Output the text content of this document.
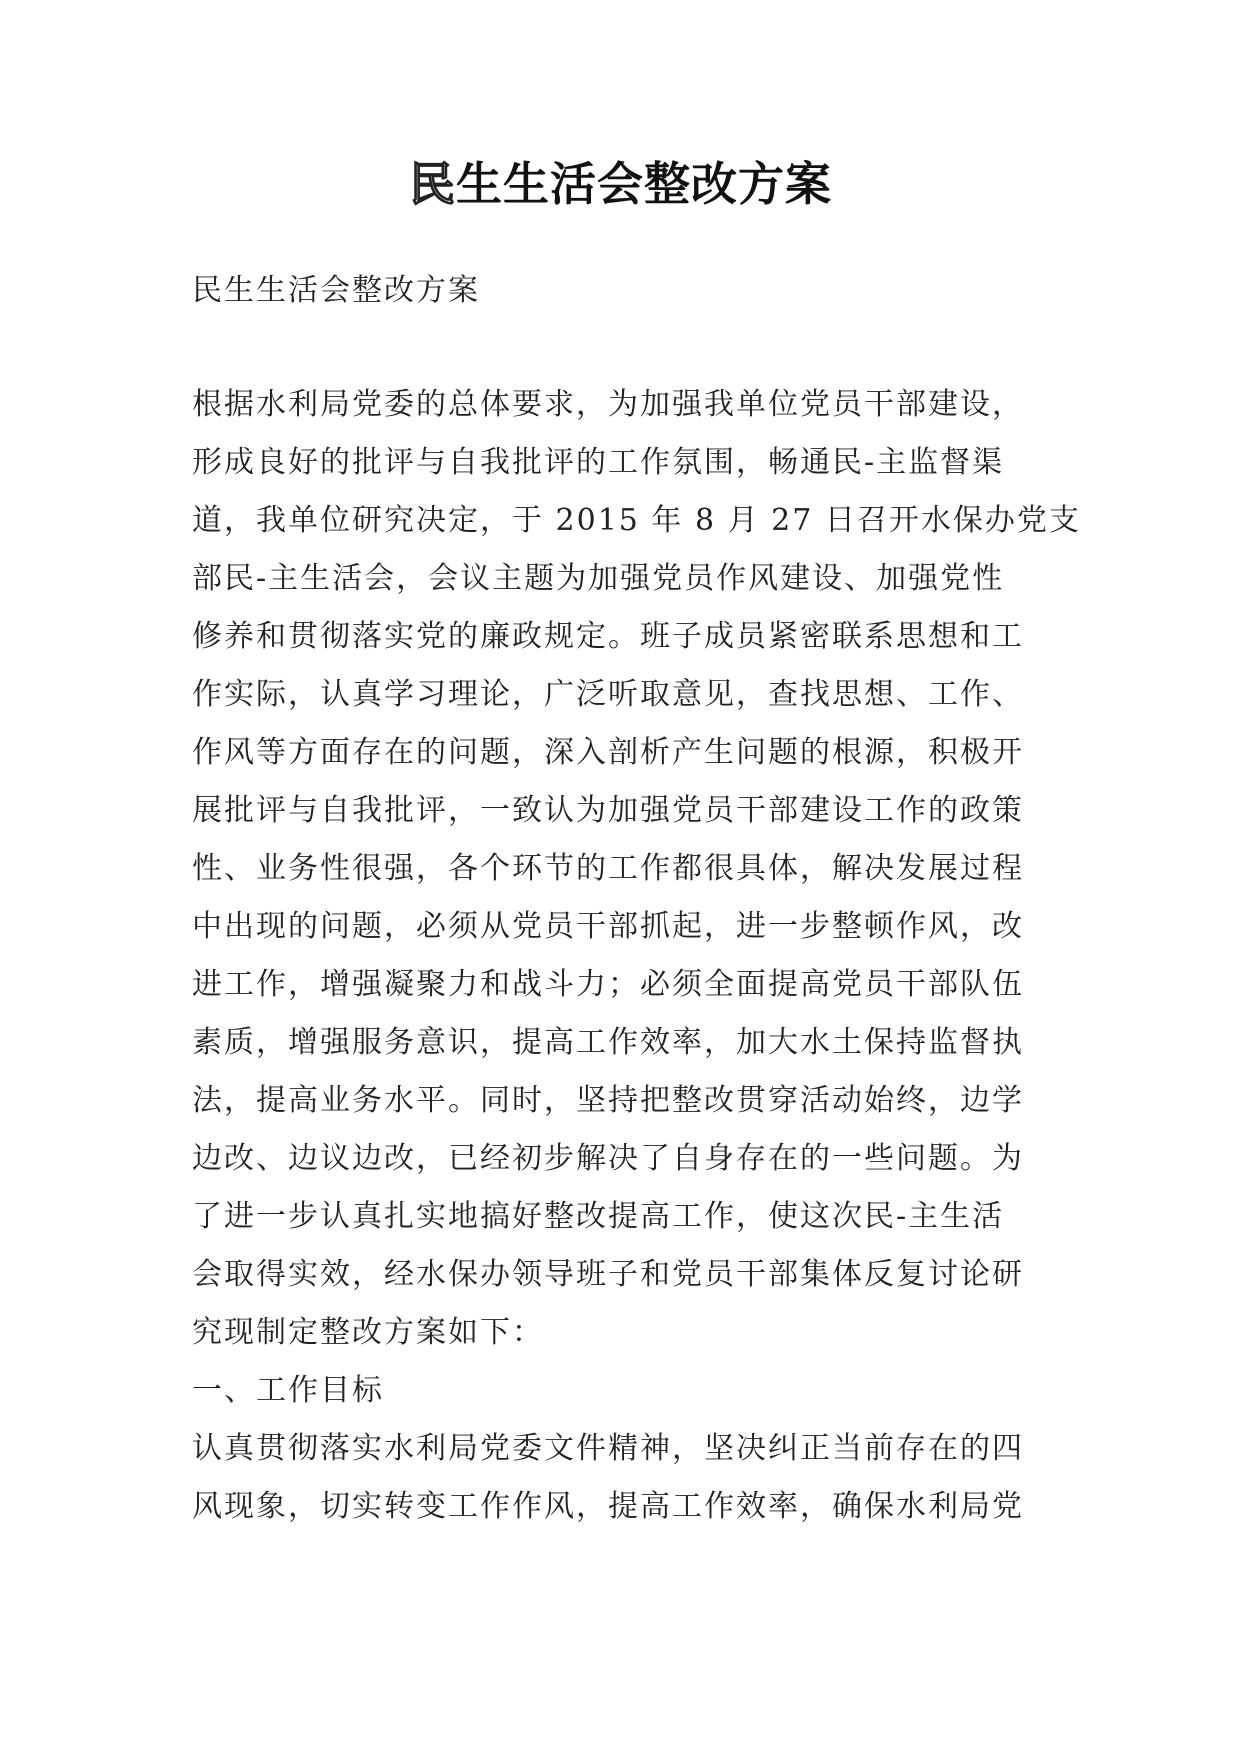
民生生活会整改方案
民生生活会整改方案
根据水利局党委的总体要求，为加强我单位党员干部建设，
形成良好的批评与自我批评的工作氛围，畅通民-主监督渠
道，我单位研究决定，于 2015 年 8 月 27 日召开水保办党支
部民-主生活会，会议主题为加强党员作风建设、加强党性
修养和贯彻落实党的廉政规定。班子成员紧密联系思想和工
作实际，认真学习理论，广泛听取意见，查找思想、工作、
作风等方面存在的问题，深入剖析产生问题的根源，积极开
展批评与自我批评，一致认为加强党员干部建设工作的政策
性、业务性很强，各个环节的工作都很具体，解决发展过程
中出现的问题，必须从党员干部抓起，进一步整顿作风，改
进工作，增强凝聚力和战斗力；必须全面提高党员干部队伍
素质，增强服务意识，提高工作效率，加大水土保持监督执
法，提高业务水平。同时，坚持把整改贯穿活动始终，边学
边改、边议边改，已经初步解决了自身存在的一些问题。为
了进一步认真扎实地搞好整改提高工作，使这次民-主生活
会取得实效，经水保办领导班子和党员干部集体反复讨论研
究现制定整改方案如下：
一、工作目标
认真贯彻落实水利局党委文件精神，坚决纠正当前存在的四
风现象，切实转变工作作风，提高工作效率，确保水利局党
